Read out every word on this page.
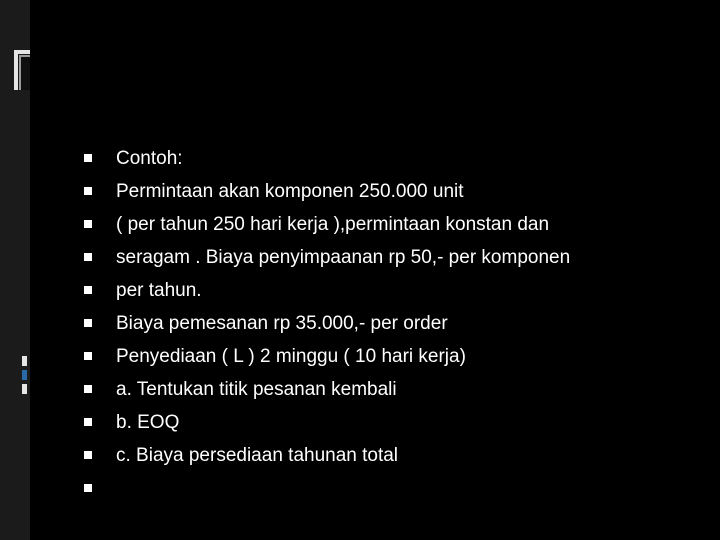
Contoh:
Permintaan akan komponen 250.000 unit
( per tahun 250 hari kerja ),permintaan konstan dan
seragam . Biaya penyimpaanan rp 50,- per komponen
per tahun.
Biaya pemesanan rp 35.000,- per order
Penyediaan ( L ) 2 minggu ( 10 hari kerja)
a. Tentukan titik pesanan kembali
b. EOQ
c. Biaya persediaan tahunan total
